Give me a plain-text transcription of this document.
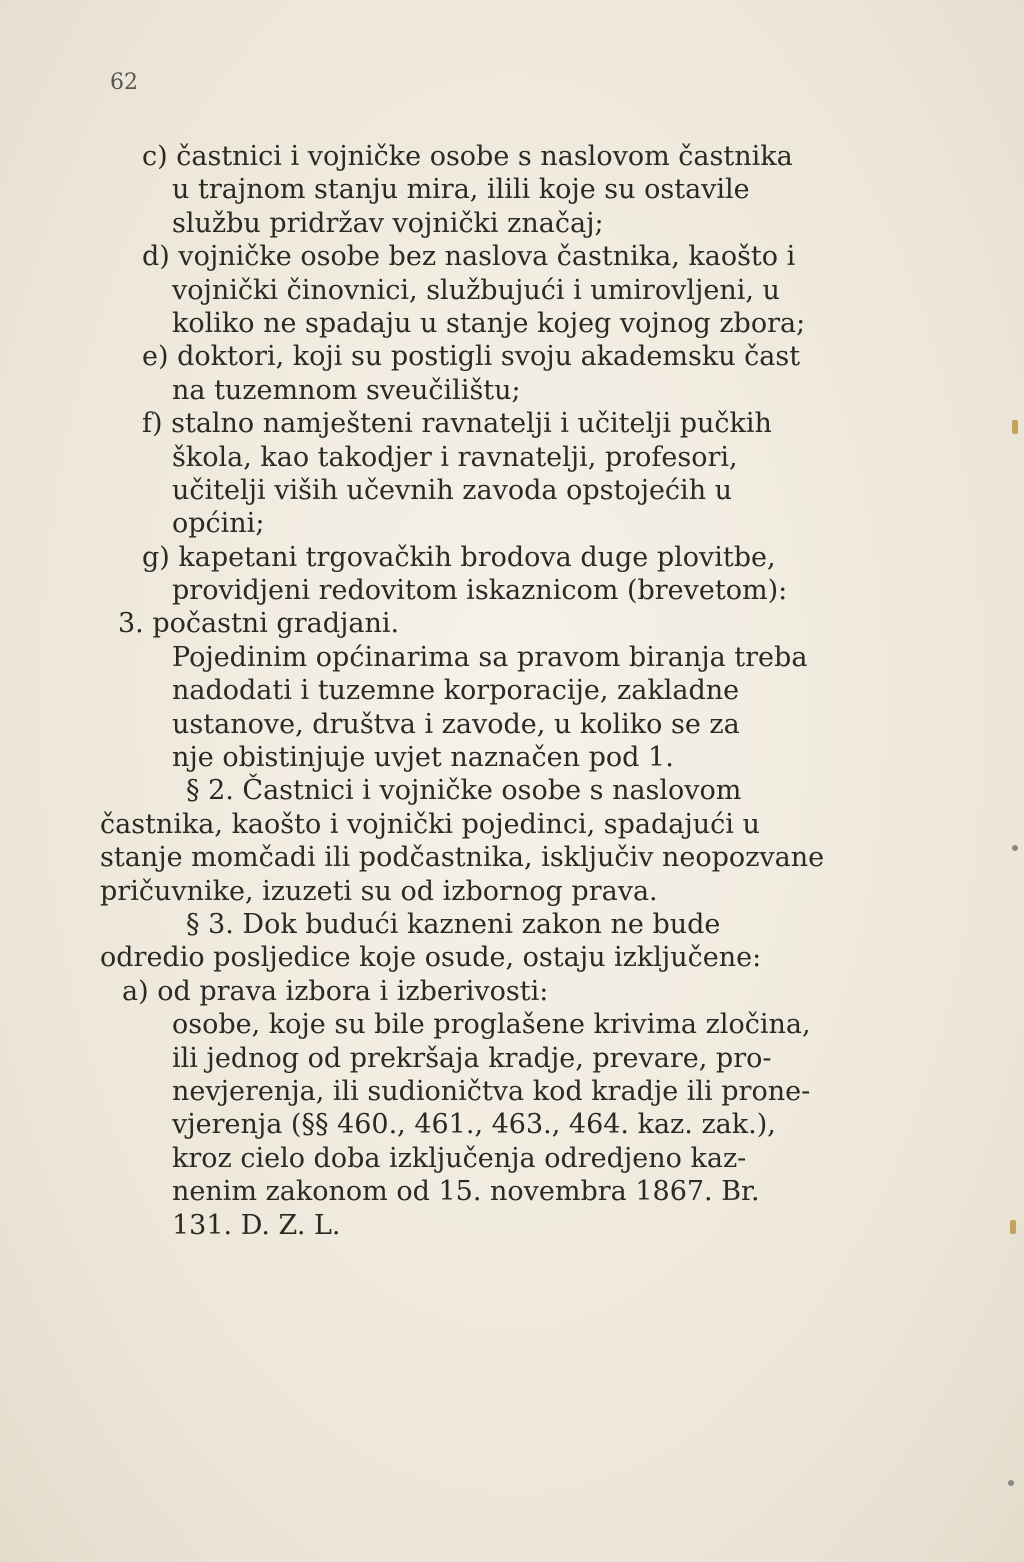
62
c) častnici i vojničke osobe s naslovom častnika
u trajnom stanju mira, ilili koje su ostavile
službu pridržav vojnički značaj;
d) vojničke osobe bez naslova častnika, kaošto i
vojnički činovnici, službujući i umirovljeni, u
koliko ne spadaju u stanje kojeg vojnog zbora;
e) doktori, koji su postigli svoju akademsku čast
na tuzemnom sveučilištu;
f) stalno namješteni ravnatelji i učitelji pučkih
škola, kao takodjer i ravnatelji, profesori,
učitelji viših učevnih zavoda opstojećih u
općini;
g) kapetani trgovačkih brodova duge plovitbe,
providjeni redovitom iskaznicom (brevetom):
3. počastni gradjani.
Pojedinim općinarima sa pravom biranja treba
nadodati i tuzemne korporacije, zakladne
ustanove, društva i zavode, u koliko se za
nje obistinjuje uvjet naznačen pod 1.
§ 2. Častnici i vojničke osobe s naslovom
častnika, kaošto i vojnički pojedinci, spadajući u
stanje momčadi ili podčastnika, isključiv neopozvane
pričuvnike, izuzeti su od izbornog prava.
§ 3. Dok budući kazneni zakon ne bude
odredio posljedice koje osude, ostaju izključene:
a) od prava izbora i izberivosti:
osobe, koje su bile proglašene krivima zločina,
ili jednog od prekršaja kradje, prevare, pro-
nevjerenja, ili sudioničtva kod kradje ili prone-
vjerenja (§§ 460., 461., 463., 464. kaz. zak.),
kroz cielo doba izključenja odredjeno kaz-
nenim zakonom od 15. novembra 1867. Br.
131. D. Z. L.
